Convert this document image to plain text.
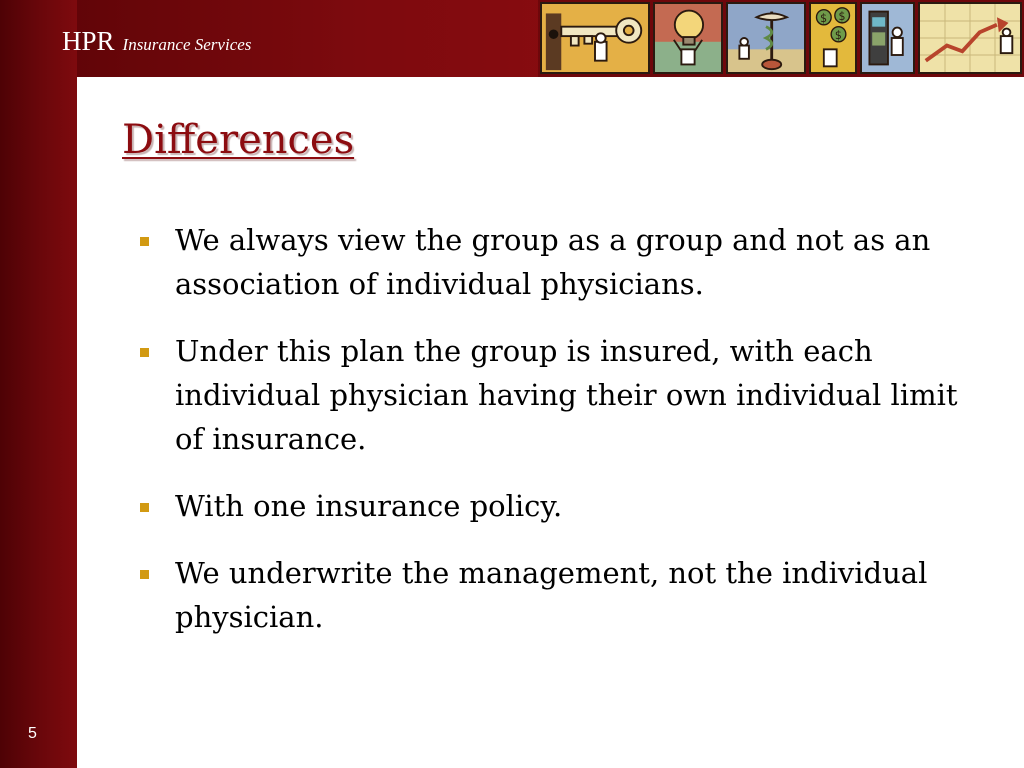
HPR Insurance Services
$ $
$
Differences
We always view the group as a group and not as an association of individual physicians.
Under this plan the group is insured, with each individual physician having their own individual limit of insurance.
With one insurance policy.
We underwrite the management, not the individual physician.
5
